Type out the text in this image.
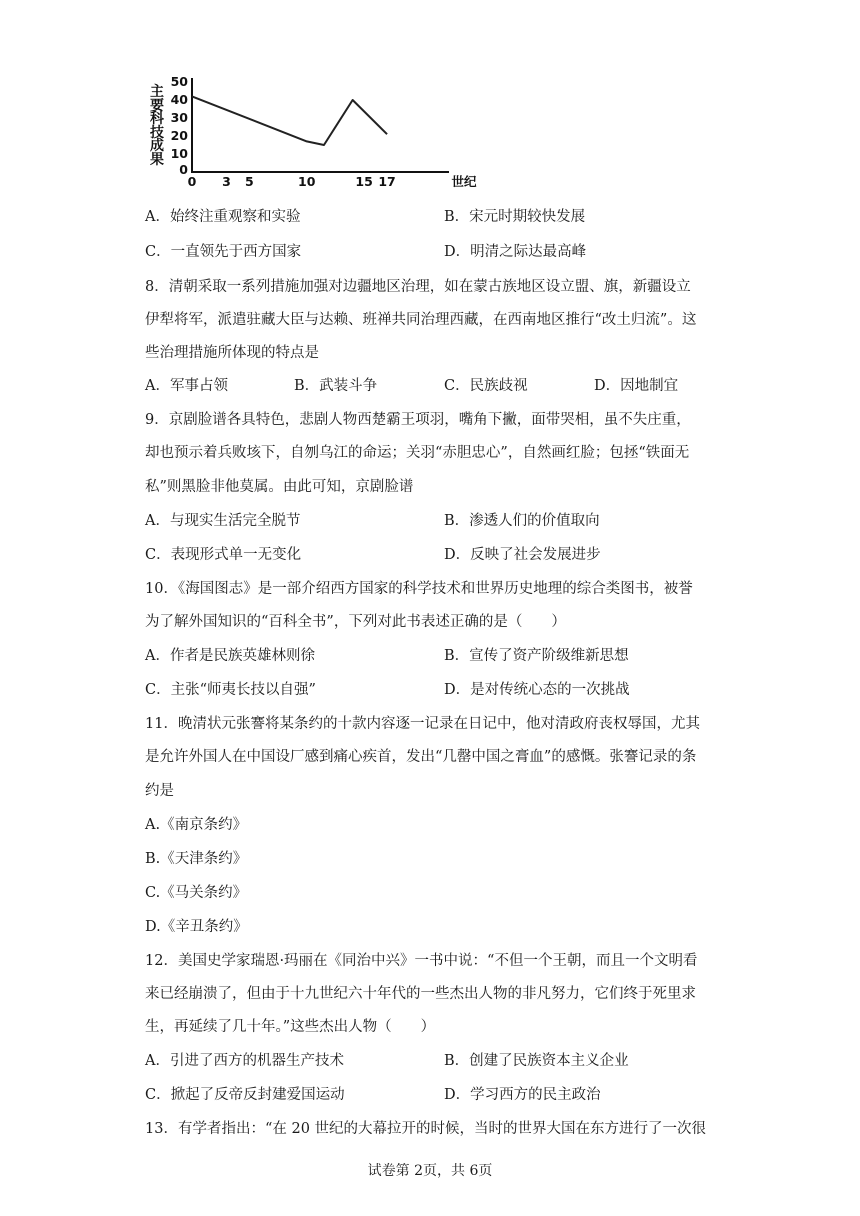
主
要
科
技
成
果 10
20
30
40
50
0 3 5	10	15 17
0
世纪
A．始终注重观察和实验	B．宋元时期较快发展
C．一直领先于西方国家	D．明清之际达最高峰
8．清朝采取一系列措施加强对边疆地区治理，如在蒙古族地区设立盟、旗，新疆设立
伊犁将军，派遣驻藏大臣与达赖、班禅共同治理西藏，在西南地区推行“改土归流”。这
些治理措施所体现的特点是
A．军事占领	B．武装斗争	C．民族歧视	D．因地制宜
9．京剧脸谱各具特色，悲剧人物西楚霸王项羽，嘴角下撇，面带哭相，虽不失庄重，
却也预示着兵败垓下，自刎乌江的命运；关羽“赤胆忠心”，自然画红脸；包拯“铁面无
私”则黑脸非他莫属。由此可知，京剧脸谱
A．与现实生活完全脱节	B．渗透人们的价值取向
C．表现形式单一无变化	D．反映了社会发展进步
10．《海国图志》是一部介绍西方国家的科学技术和世界历史地理的综合类图书，被誉
为了解外国知识的“百科全书”，下列对此书表述正确的是（　　）
A．作者是民族英雄林则徐	B．宣传了资产阶级维新思想
C．主张“师夷长技以自强”	D．是对传统心态的一次挑战
11．晚清状元张謇将某条约的十款内容逐一记录在日记中，他对清政府丧权辱国，尤其
是允许外国人在中国设厂感到痛心疾首，发出“几罄中国之膏血”的感慨。张謇记录的条
约是
A.《南京条约》
B.《天津条约》
C.《马关条约》
D.《辛丑条约》
12．美国史学家瑞恩·玛丽在《同治中兴》一书中说：“不但一个王朝，而且一个文明看
来已经崩溃了，但由于十九世纪六十年代的一些杰出人物的非凡努力，它们终于死里求
生，再延续了几十年。”这些杰出人物（　　）
A．引进了西方的机器生产技术	B．创建了民族资本主义企业
C．掀起了反帝反封建爱国运动	D．学习西方的民主政治
13．有学者指出：“在 20 世纪的大幕拉开的时候，当时的世界大国在东方进行了一次很
试卷第 2页，共 6页
